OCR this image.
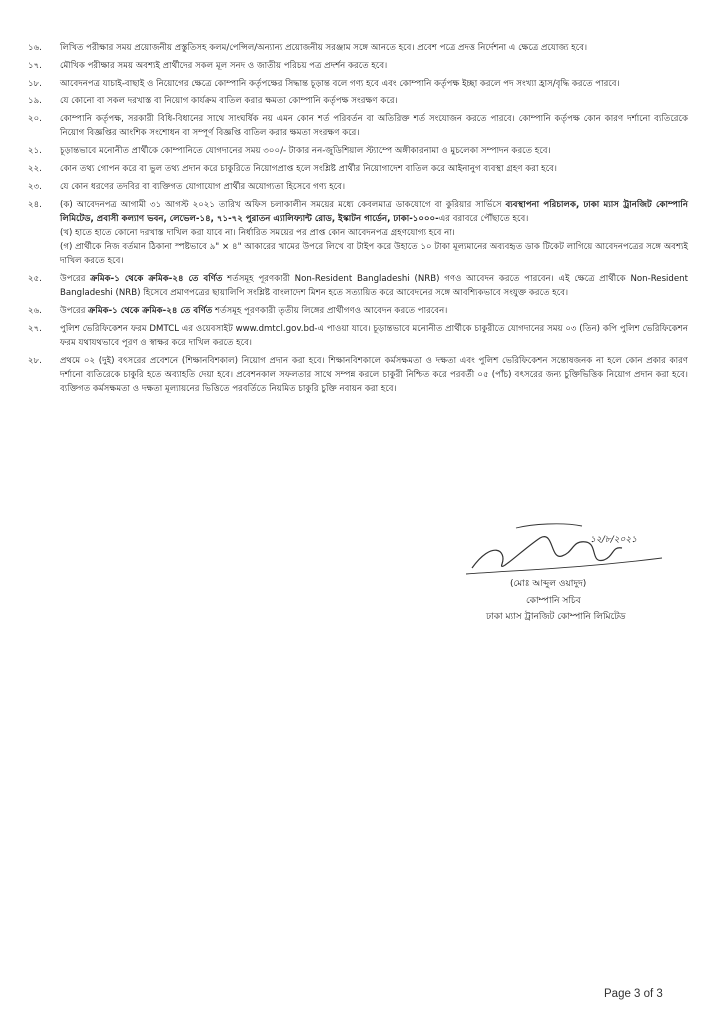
১৬.	লিখিত পরীক্ষার সময় প্রয়োজনীয় প্রস্তুতিসহ কলম/পেন্সিল/অন্যান্য প্রয়োজনীয় সরঞ্জাম সঙ্গে আনতে হবে। প্রবেশ পত্রে প্রদত্ত নির্দেশনা এ ক্ষেত্রে প্রযোজ্য হবে।
১৭.	মৌখিক পরীক্ষার সময় অবশ্যই প্রার্থীদের সকল মূল সনদ ও জাতীয় পরিচয় পত্র প্রদর্শন করতে হবে।
১৮.	আবেদনপত্র যাচাই-বাছাই ও নিয়োগের ক্ষেত্রে কোম্পানি কর্তৃপক্ষের সিদ্ধান্ত চূড়ান্ত বলে গণ্য হবে এবং কোম্পানি কর্তৃপক্ষ ইচ্ছা করলে পদ সংখ্যা হ্রাস/বৃদ্ধি করতে পারবে।
১৯.	যে কোনো বা সকল দরখাস্ত বা নিয়োগ কার্যক্রম বাতিল করার ক্ষমতা কোম্পানি কর্তৃপক্ষ সংরক্ষণ করে।
২০.	কোম্পানি কর্তৃপক্ষ, সরকারী বিধি-বিধানের সাথে সাংঘর্ষিক নয় এমন কোন শর্ত পরিবর্তন বা অতিরিক্ত শর্ত সংযোজন করতে পারবে। কোম্পানি কর্তৃপক্ষ কোন কারণ দর্শানো ব্যতিরেকে নিয়োগ বিজ্ঞপ্তির আংশিক সংশোধন বা সম্পূর্ণ বিজ্ঞপ্তি বাতিল করার ক্ষমতা সংরক্ষণ করে।
২১.	চূড়ান্তভাবে মনোনীত প্রার্থীকে কোম্পানিতে যোগদানের সময় ৩০০/- টাকার নন-জুডিশিয়াল স্ট্যাম্পে অঙ্গীকারনামা ও মুচলেকা সম্পাদন করতে হবে।
২২.	কোন তথ্য গোপন করে বা ভুল তথ্য প্রদান করে চাকুরিতে নিয়োগপ্রাপ্ত হলে সংশ্লিষ্ট প্রার্থীর নিয়োগাদেশ বাতিল করে আইনানুগ ব্যবস্থা গ্রহণ করা হবে।
২৩.	যে কোন ধরণের তদবির বা ব্যক্তিগত যোগাযোগ প্রার্থীর অযোগ্যতা হিসেবে গণ্য হবে।
২৪.	(ক) আবেদনপত্র আগামী ৩১ আগস্ট ২০২১ তারিখ অফিস চলাকালীন সময়ের মধ্যে কেবলমাত্র ডাকযোগে বা কুরিয়ার সার্ভিসে ব্যবস্থাপনা পরিচালক, ঢাকা ম্যাস ট্রানজিট কোম্পানি লিমিটেড, প্রবাসী কল্যাণ ভবন, লেভেল-১৪, ৭১-৭২ পুরাতন এ্যালিফ্যান্ট রোড, ইস্কাটন গার্ডেন, ঢাকা-১০০০-এর বরাবরে পৌঁছাতে হবে।
(খ) হাতে হাতে কোনো দরখাস্ত দাখিল করা যাবে না। নির্ধারিত সময়ের পর প্রাপ্ত কোন আবেদনপত্র গ্রহণযোগ্য হবে না।
(গ) প্রার্থীকে নিজ বর্তমান ঠিকানা স্পষ্টভাবে ৯" × ৪" আকারের খামের উপরে লিখে বা টাইপ করে উহাতে ১০ টাকা মূল্যমানের অব্যবহৃত ডাক টিকেট লাগিয়ে আবেদনপত্রের সঙ্গে অবশ্যই দাখিল করতে হবে।
২৫.	উপরের ক্রমিক-১ থেকে ক্রমিক-২৪ তে বর্ণিত শর্তসমূহ পূরণকারী Non-Resident Bangladeshi (NRB) গণও আবেদন করতে পারবেন। এই ক্ষেত্রে প্রার্থীকে Non-Resident Bangladeshi (NRB) হিসেবে প্রমাণপত্রের ছায়ালিপি সংশ্লিষ্ট বাংলাদেশ মিশন হতে সত্যায়িত করে আবেদনের সঙ্গে আবশ্যিকভাবে সংযুক্ত করতে হবে।
২৬.	উপরের ক্রমিক-১ থেকে ক্রমিক-২৪ তে বর্ণিত শর্তসমূহ পূরণকারী তৃতীয় লিঙ্গের প্রার্থীগণও আবেদন করতে পারবেন।
২৭.	পুলিশ ভেরিফিকেশন ফরম DMTCL এর ওয়েবসাইট www.dmtcl.gov.bd-এ পাওয়া যাবে। চূড়ান্তভাবে মনোনীত প্রার্থীকে চাকুরীতে যোগদানের সময় ০৩ (তিন) কপি পুলিশ ভেরিফিকেশন ফরম যথাযথভাবে পূরণ ও স্বাক্ষর করে দাখিল করতে হবে।
২৮.	প্রথমে ০২ (দুই) বৎসরের প্রবেশনে (শিক্ষানবিশকাল) নিয়োগ প্রদান করা হবে। শিক্ষানবিশকালে কর্মসক্ষমতা ও দক্ষতা এবং পুলিশ ভেরিফিকেশন সন্তোষজনক না হলে কোন প্রকার কারণ দর্শানো ব্যতিরেকে চাকুরি হতে অব্যাহতি দেয়া হবে। প্রবেশনকাল সফলতার সাথে সম্পন্ন করলে চাকুরী নিশ্চিত করে পরবর্তী ০৫ (পাঁচ) বৎসরের জন্য চুক্তিভিত্তিক নিয়োগ প্রদান করা হবে। ব্যক্তিগত কর্মসক্ষমতা ও দক্ষতা মূল্যায়নের ভিত্তিতে পরবর্তিতে নিয়মিত চাকুরি চুক্তি নবায়ন করা হবে।
১২/৮/২০২১
(মোঃ আব্দুল ওয়াদুদ)
কোম্পানি সচিব
ঢাকা ম্যাস ট্রানজিট কোম্পানি লিমিটেড
Page 3 of 3
